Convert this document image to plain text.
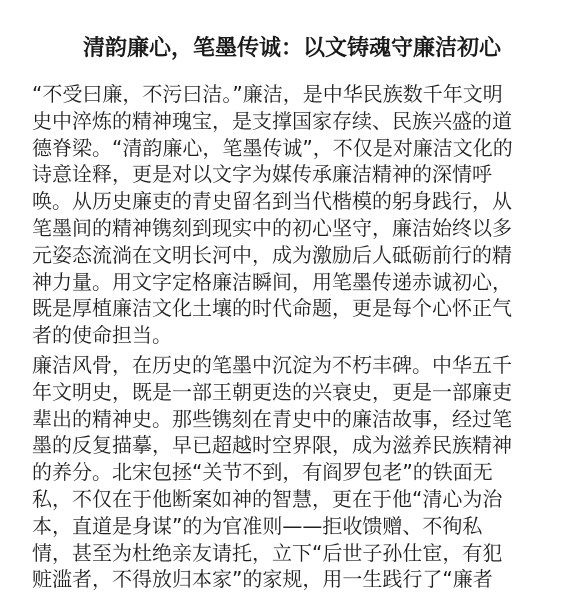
清韵廉心，笔墨传诚：以文铸魂守廉洁初心

“不受曰廉，不污曰洁。”廉洁，是中华民族数千年文明
史中淬炼的精神瑰宝，是支撑国家存续、民族兴盛的道
德脊梁。“清韵廉心，笔墨传诚”，不仅是对廉洁文化的
诗意诠释，更是对以文字为媒传承廉洁精神的深情呼
唤。从历史廉吏的青史留名到当代楷模的躬身践行，从
笔墨间的精神镌刻到现实中的初心坚守，廉洁始终以多
元姿态流淌在文明长河中，成为激励后人砥砺前行的精
神力量。用文字定格廉洁瞬间，用笔墨传递赤诚初心，
既是厚植廉洁文化土壤的时代命题，更是每个心怀正气
者的使命担当。

廉洁风骨，在历史的笔墨中沉淀为不朽丰碑。中华五千
年文明史，既是一部王朝更迭的兴衰史，更是一部廉吏
辈出的精神史。那些镌刻在青史中的廉洁故事，经过笔
墨的反复描摹，早已超越时空界限，成为滋养民族精神
的养分。北宋包拯“关节不到，有阎罗包老”的铁面无
私，不仅在于他断案如神的智慧，更在于他“清心为治
本，直道是身谋”的为官准则——拒收馈赠、不徇私
情，甚至为杜绝亲友请托，立下“后世子孙仕宦，有犯
赃滥者，不得放归本家”的家规，用一生践行了“廉者
